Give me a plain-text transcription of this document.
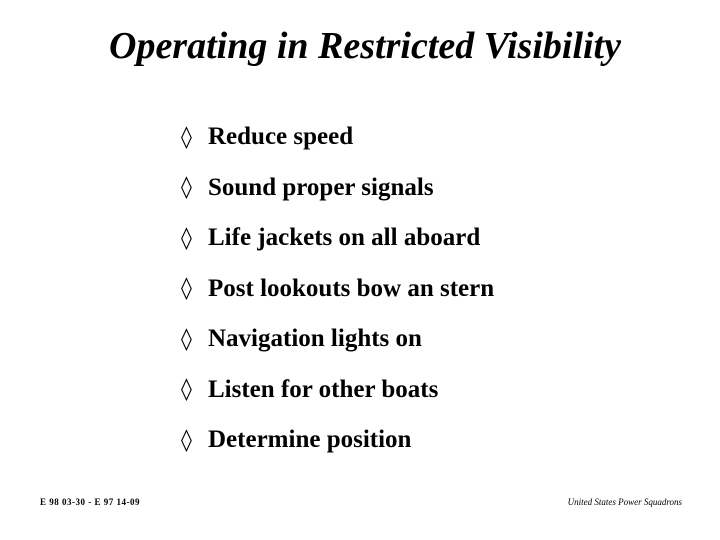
Operating in Restricted Visibility
◊ Reduce speed
◊ Sound proper signals
◊ Life jackets on all aboard
◊ Post lookouts bow an stern
◊ Navigation lights on
◊ Listen for other boats
◊ Determine position
E 98 03-30 - E 97 14-09	United States Power Squadrons
